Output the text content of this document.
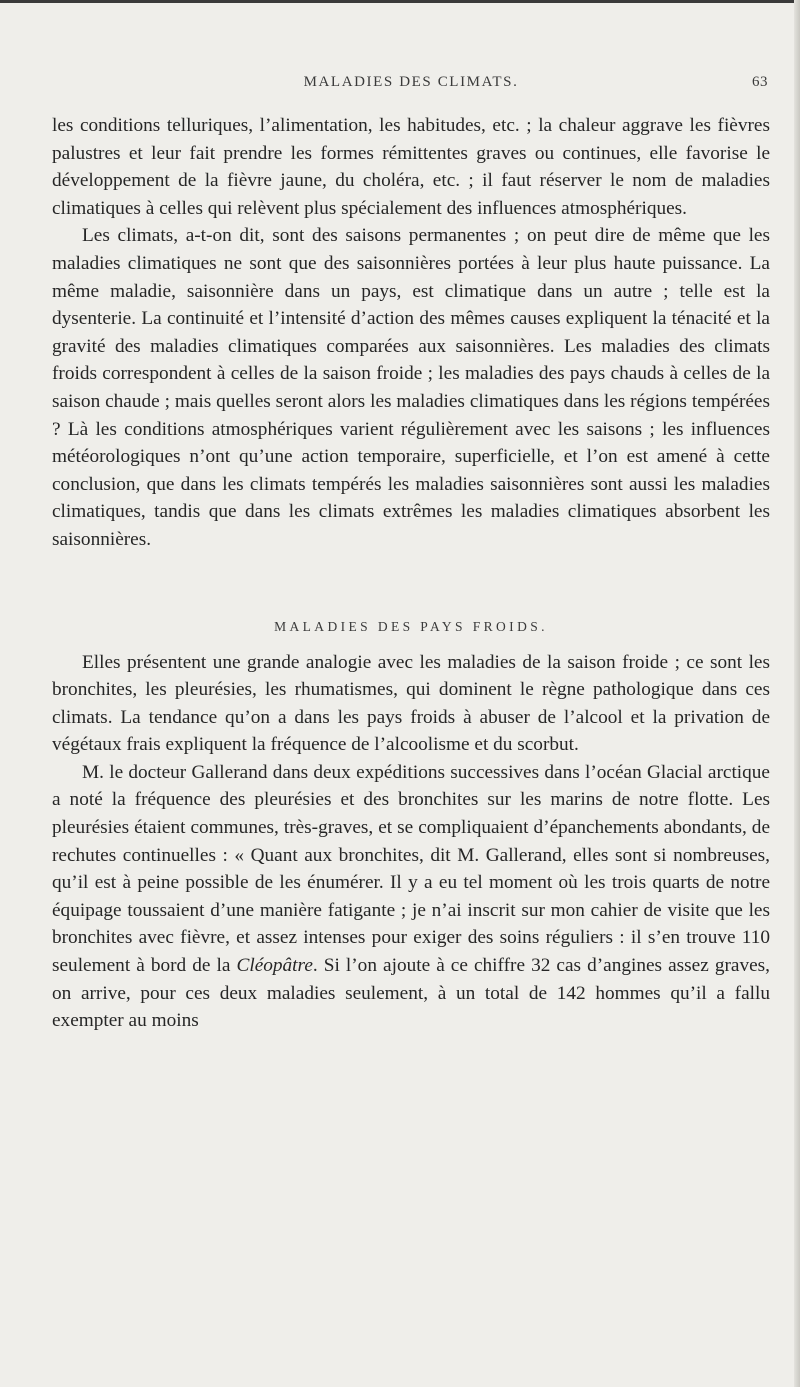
MALADIES DES CLIMATS.	63

les conditions telluriques, l’alimentation, les habitudes, etc. ; la chaleur aggrave les fièvres palustres et leur fait prendre les formes rémittentes graves ou continues, elle favorise le développement de la fièvre jaune, du choléra, etc. ; il faut réserver le nom de maladies climatiques à celles qui relèvent plus spécialement des influences atmosphériques.

Les climats, a-t-on dit, sont des saisons permanentes ; on peut dire de même que les maladies climatiques ne sont que des saisonnières portées à leur plus haute puissance. La même maladie, saisonnière dans un pays, est climatique dans un autre ; telle est la dysenterie. La continuité et l’intensité d’action des mêmes causes expliquent la ténacité et la gravité des maladies climatiques comparées aux saisonnières. Les maladies des climats froids correspondent à celles de la saison froide ; les maladies des pays chauds à celles de la saison chaude ; mais quelles seront alors les maladies climatiques dans les régions tempérées ? Là les conditions atmosphériques varient régulièrement avec les saisons ; les influences météorologiques n’ont qu’une action temporaire, superficielle, et l’on est amené à cette conclusion, que dans les climats tempérés les maladies saisonnières sont aussi les maladies climatiques, tandis que dans les climats extrêmes les maladies climatiques absorbent les saisonnières.

MALADIES DES PAYS FROIDS.

Elles présentent une grande analogie avec les maladies de la saison froide ; ce sont les bronchites, les pleurésies, les rhumatismes, qui dominent le règne pathologique dans ces climats. La tendance qu’on a dans les pays froids à abuser de l’alcool et la privation de végétaux frais expliquent la fréquence de l’alcoolisme et du scorbut.

M. le docteur Gallerand dans deux expéditions successives dans l’océan Glacial arctique a noté la fréquence des pleurésies et des bronchites sur les marins de notre flotte. Les pleurésies étaient communes, très-graves, et se compliquaient d’épanchements abondants, de rechutes continuelles : « Quant aux bronchites, dit M. Gallerand, elles sont si nombreuses, qu’il est à peine possible de les énumérer. Il y a eu tel moment où les trois quarts de notre équipage toussaient d’une manière fatigante ; je n’ai inscrit sur mon cahier de visite que les bronchites avec fièvre, et assez intenses pour exiger des soins réguliers : il s’en trouve 110 seulement à bord de la Cléopâtre. Si l’on ajoute à ce chiffre 32 cas d’angines assez graves, on arrive, pour ces deux maladies seulement, à un total de 142 hommes qu’il a fallu exempter au moins
